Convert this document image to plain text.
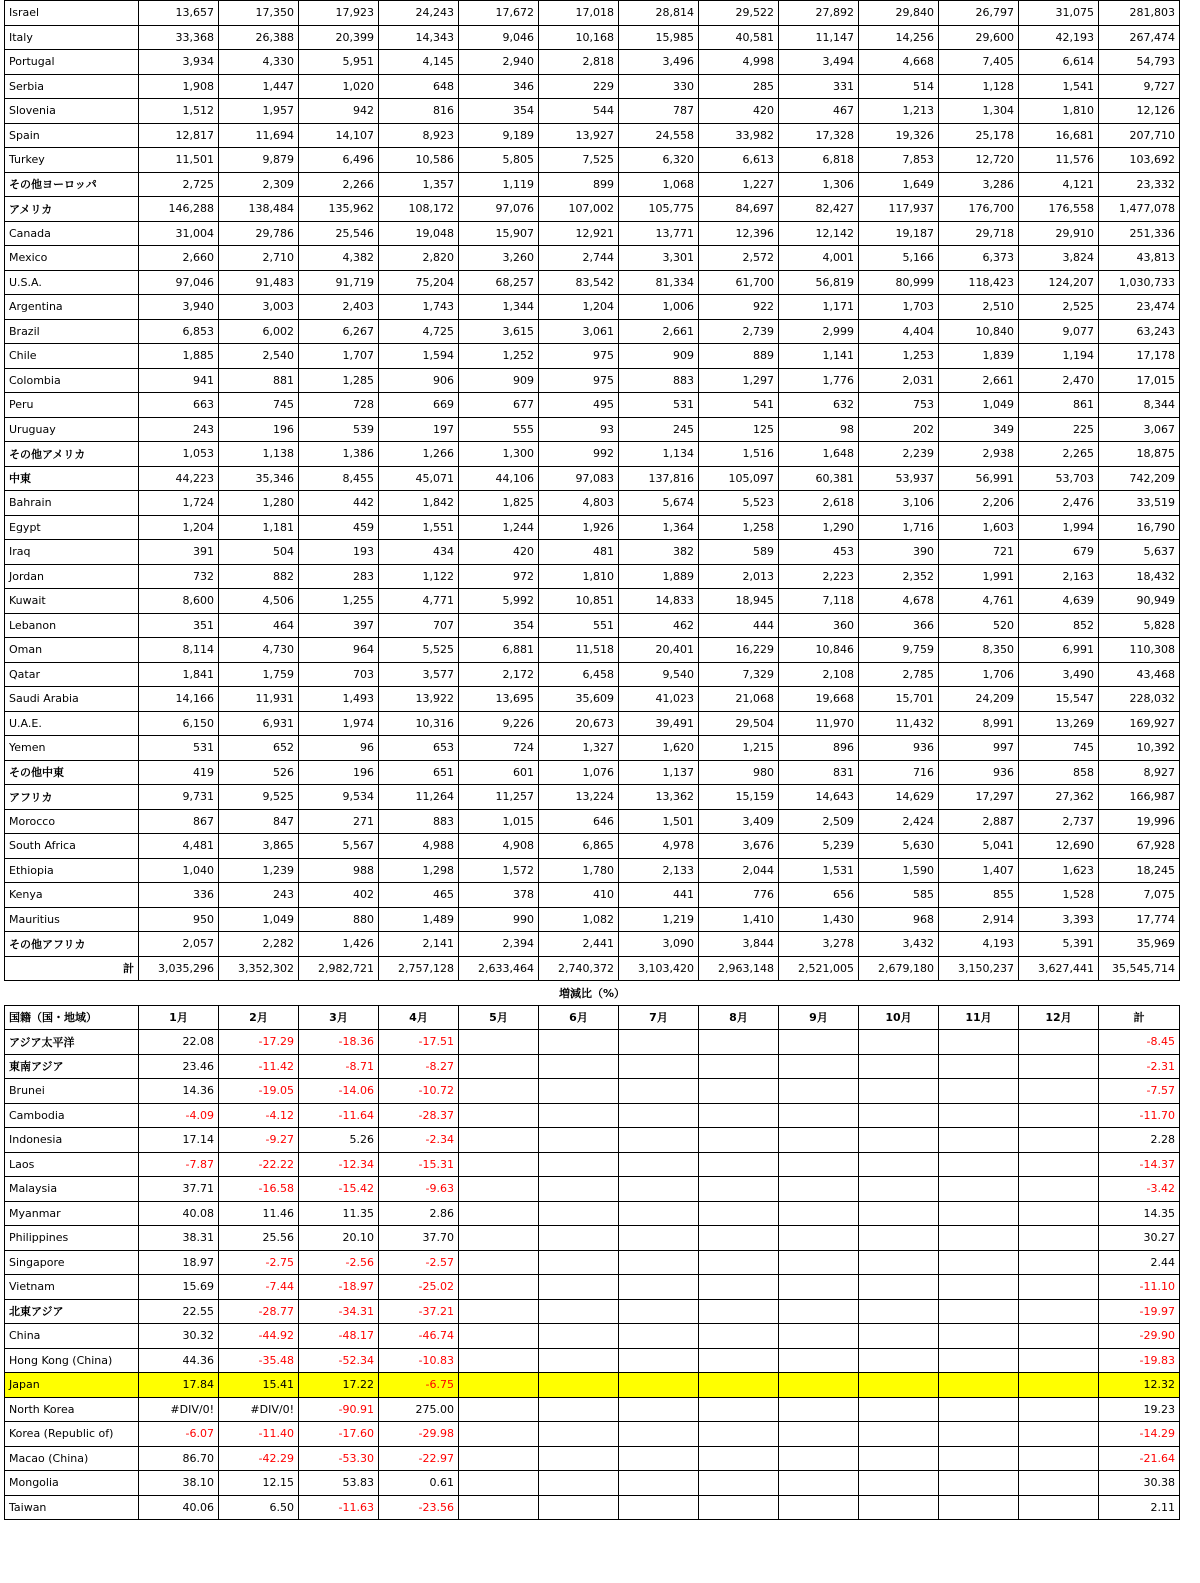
Israel	13,657	17,350	17,923	24,243	17,672	17,018	28,814	29,522	27,892	29,840	26,797	31,075	281,803
Italy	33,368	26,388	20,399	14,343	9,046	10,168	15,985	40,581	11,147	14,256	29,600	42,193	267,474
Portugal	3,934	4,330	5,951	4,145	2,940	2,818	3,496	4,998	3,494	4,668	7,405	6,614	54,793
Serbia	1,908	1,447	1,020	648	346	229	330	285	331	514	1,128	1,541	9,727
Slovenia	1,512	1,957	942	816	354	544	787	420	467	1,213	1,304	1,810	12,126
Spain	12,817	11,694	14,107	8,923	9,189	13,927	24,558	33,982	17,328	19,326	25,178	16,681	207,710
Turkey	11,501	9,879	6,496	10,586	5,805	7,525	6,320	6,613	6,818	7,853	12,720	11,576	103,692
その他ヨーロッパ	2,725	2,309	2,266	1,357	1,119	899	1,068	1,227	1,306	1,649	3,286	4,121	23,332
アメリカ	146,288	138,484	135,962	108,172	97,076	107,002	105,775	84,697	82,427	117,937	176,700	176,558	1,477,078
Canada	31,004	29,786	25,546	19,048	15,907	12,921	13,771	12,396	12,142	19,187	29,718	29,910	251,336
Mexico	2,660	2,710	4,382	2,820	3,260	2,744	3,301	2,572	4,001	5,166	6,373	3,824	43,813
U.S.A.	97,046	91,483	91,719	75,204	68,257	83,542	81,334	61,700	56,819	80,999	118,423	124,207	1,030,733
Argentina	3,940	3,003	2,403	1,743	1,344	1,204	1,006	922	1,171	1,703	2,510	2,525	23,474
Brazil	6,853	6,002	6,267	4,725	3,615	3,061	2,661	2,739	2,999	4,404	10,840	9,077	63,243
Chile	1,885	2,540	1,707	1,594	1,252	975	909	889	1,141	1,253	1,839	1,194	17,178
Colombia	941	881	1,285	906	909	975	883	1,297	1,776	2,031	2,661	2,470	17,015
Peru	663	745	728	669	677	495	531	541	632	753	1,049	861	8,344
Uruguay	243	196	539	197	555	93	245	125	98	202	349	225	3,067
その他アメリカ	1,053	1,138	1,386	1,266	1,300	992	1,134	1,516	1,648	2,239	2,938	2,265	18,875
中東	44,223	35,346	8,455	45,071	44,106	97,083	137,816	105,097	60,381	53,937	56,991	53,703	742,209
Bahrain	1,724	1,280	442	1,842	1,825	4,803	5,674	5,523	2,618	3,106	2,206	2,476	33,519
Egypt	1,204	1,181	459	1,551	1,244	1,926	1,364	1,258	1,290	1,716	1,603	1,994	16,790
Iraq	391	504	193	434	420	481	382	589	453	390	721	679	5,637
Jordan	732	882	283	1,122	972	1,810	1,889	2,013	2,223	2,352	1,991	2,163	18,432
Kuwait	8,600	4,506	1,255	4,771	5,992	10,851	14,833	18,945	7,118	4,678	4,761	4,639	90,949
Lebanon	351	464	397	707	354	551	462	444	360	366	520	852	5,828
Oman	8,114	4,730	964	5,525	6,881	11,518	20,401	16,229	10,846	9,759	8,350	6,991	110,308
Qatar	1,841	1,759	703	3,577	2,172	6,458	9,540	7,329	2,108	2,785	1,706	3,490	43,468
Saudi Arabia	14,166	11,931	1,493	13,922	13,695	35,609	41,023	21,068	19,668	15,701	24,209	15,547	228,032
U.A.E.	6,150	6,931	1,974	10,316	9,226	20,673	39,491	29,504	11,970	11,432	8,991	13,269	169,927
Yemen	531	652	96	653	724	1,327	1,620	1,215	896	936	997	745	10,392
その他中東	419	526	196	651	601	1,076	1,137	980	831	716	936	858	8,927
アフリカ	9,731	9,525	9,534	11,264	11,257	13,224	13,362	15,159	14,643	14,629	17,297	27,362	166,987
Morocco	867	847	271	883	1,015	646	1,501	3,409	2,509	2,424	2,887	2,737	19,996
South Africa	4,481	3,865	5,567	4,988	4,908	6,865	4,978	3,676	5,239	5,630	5,041	12,690	67,928
Ethiopia	1,040	1,239	988	1,298	1,572	1,780	2,133	2,044	1,531	1,590	1,407	1,623	18,245
Kenya	336	243	402	465	378	410	441	776	656	585	855	1,528	7,075
Mauritius	950	1,049	880	1,489	990	1,082	1,219	1,410	1,430	968	2,914	3,393	17,774
その他アフリカ	2,057	2,282	1,426	2,141	2,394	2,441	3,090	3,844	3,278	3,432	4,193	5,391	35,969
計	3,035,296	3,352,302	2,982,721	2,757,128	2,633,464	2,740,372	3,103,420	2,963,148	2,521,005	2,679,180	3,150,237	3,627,441	35,545,714
増減比（%）													
国籍（国・地域）	1月	2月	3月	4月	5月	6月	7月	8月	9月	10月	11月	12月	計
アジア太平洋	22.08	-17.29	-18.36	-17.51									-8.45
東南アジア	23.46	-11.42	-8.71	-8.27									-2.31
Brunei	14.36	-19.05	-14.06	-10.72									-7.57
Cambodia	-4.09	-4.12	-11.64	-28.37									-11.70
Indonesia	17.14	-9.27	5.26	-2.34									2.28
Laos	-7.87	-22.22	-12.34	-15.31									-14.37
Malaysia	37.71	-16.58	-15.42	-9.63									-3.42
Myanmar	40.08	11.46	11.35	2.86									14.35
Philippines	38.31	25.56	20.10	37.70									30.27
Singapore	18.97	-2.75	-2.56	-2.57									2.44
Vietnam	15.69	-7.44	-18.97	-25.02									-11.10
北東アジア	22.55	-28.77	-34.31	-37.21									-19.97
China	30.32	-44.92	-48.17	-46.74									-29.90
Hong Kong (China)	44.36	-35.48	-52.34	-10.83									-19.83
Japan	17.84	15.41	17.22	-6.75									12.32
North Korea	#DIV/0!	#DIV/0!	-90.91	275.00									19.23
Korea (Republic of)	-6.07	-11.40	-17.60	-29.98									-14.29
Macao (China)	86.70	-42.29	-53.30	-22.97									-21.64
Mongolia	38.10	12.15	53.83	0.61									30.38
Taiwan	40.06	6.50	-11.63	-23.56									2.11
